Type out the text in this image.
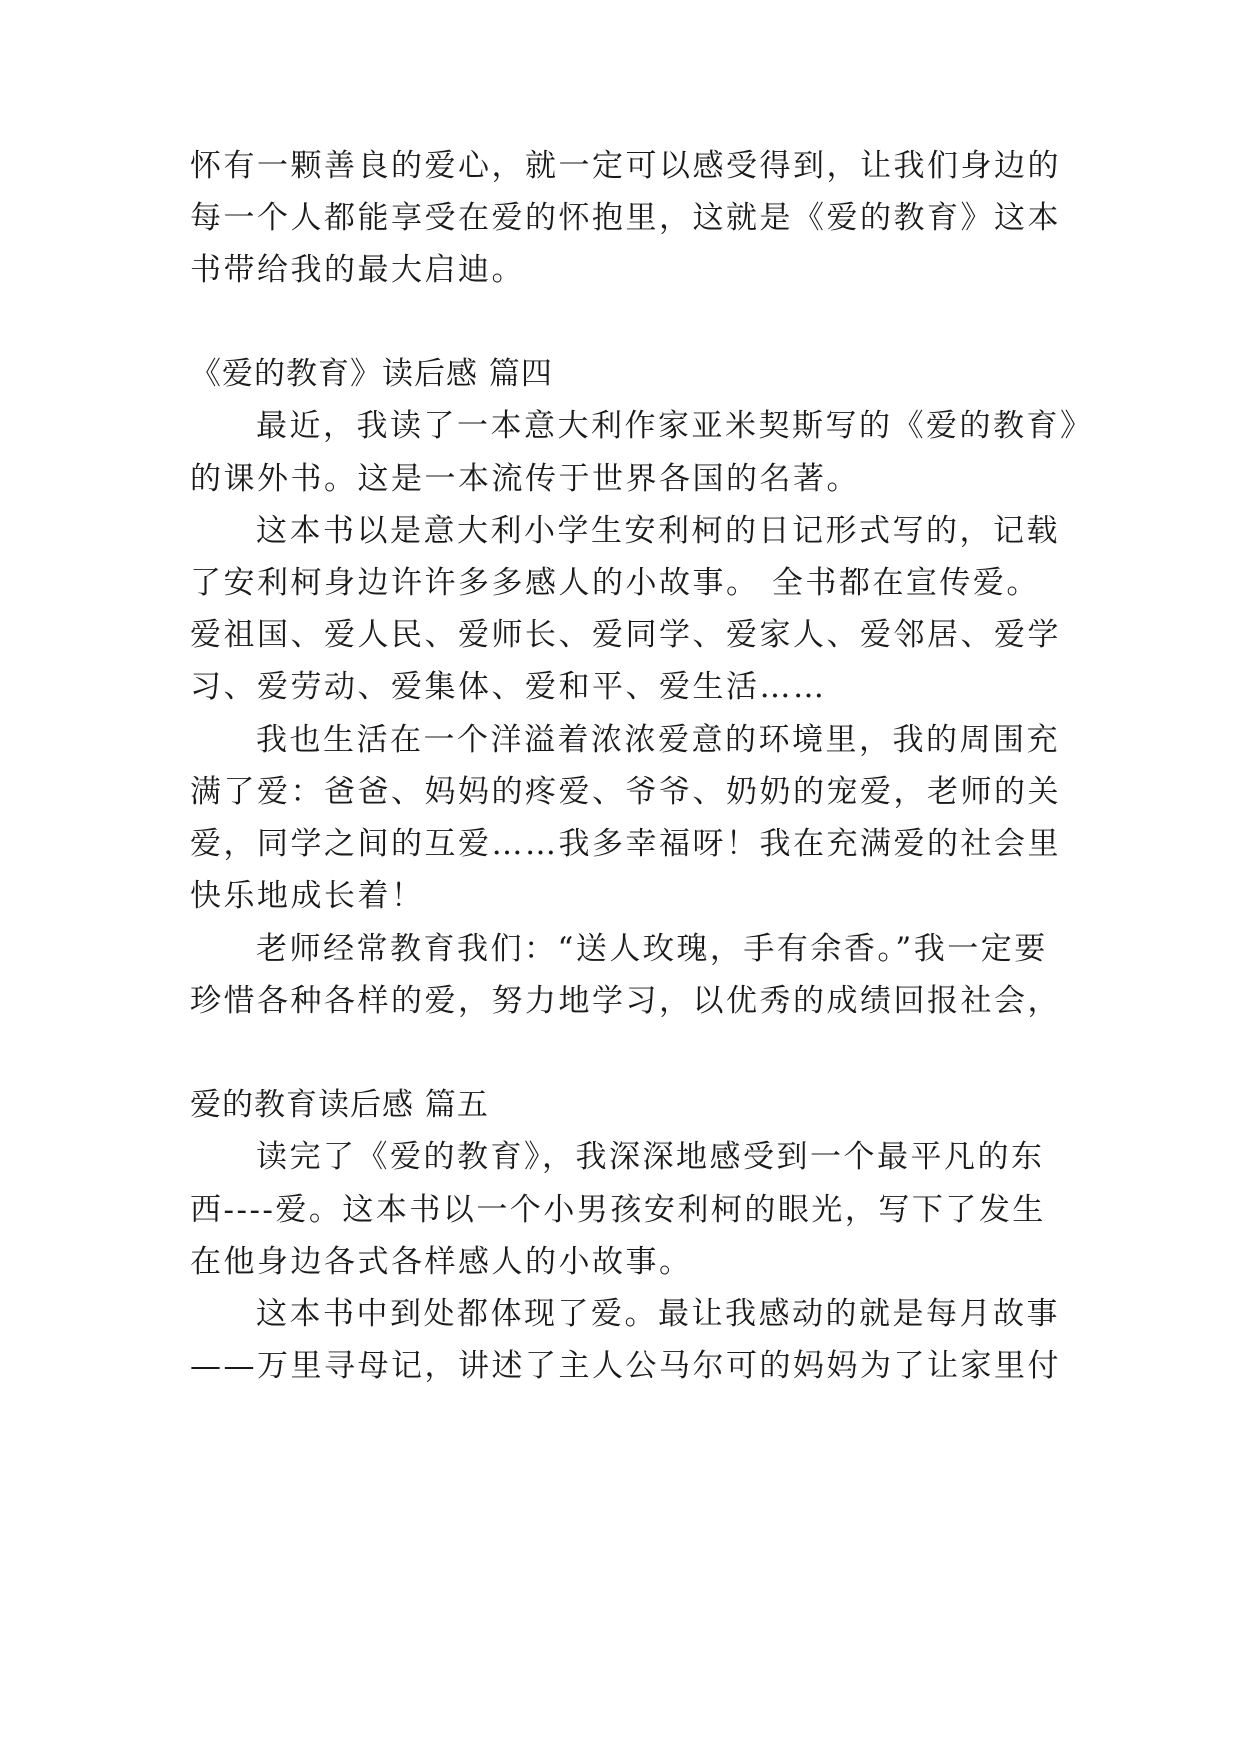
怀有一颗善良的爱心，就一定可以感受得到，让我们身边的
每一个人都能享受在爱的怀抱里，这就是《爱的教育》这本
书带给我的最大启迪。
《爱的教育》读后感 篇四
最近，我读了一本意大利作家亚米契斯写的《爱的教育》
的课外书。这是一本流传于世界各国的名著。
这本书以是意大利小学生安利柯的日记形式写的，记载
了安利柯身边许许多多感人的小故事。 全书都在宣传爱。
爱祖国、爱人民、爱师长、爱同学、爱家人、爱邻居、爱学
习、爱劳动、爱集体、爱和平、爱生活……
我也生活在一个洋溢着浓浓爱意的环境里，我的周围充
满了爱：爸爸、妈妈的疼爱、爷爷、奶奶的宠爱，老师的关
爱，同学之间的互爱……我多幸福呀！我在充满爱的社会里
快乐地成长着！
老师经常教育我们：“送人玫瑰，手有余香。”我一定要
珍惜各种各样的爱，努力地学习，以优秀的成绩回报社会，
爱的教育读后感 篇五
读完了《爱的教育》，我深深地感受到一个最平凡的东
西----爱。这本书以一个小男孩安利柯的眼光，写下了发生
在他身边各式各样感人的小故事。
这本书中到处都体现了爱。最让我感动的就是每月故事
——万里寻母记，讲述了主人公马尔可的妈妈为了让家里付
